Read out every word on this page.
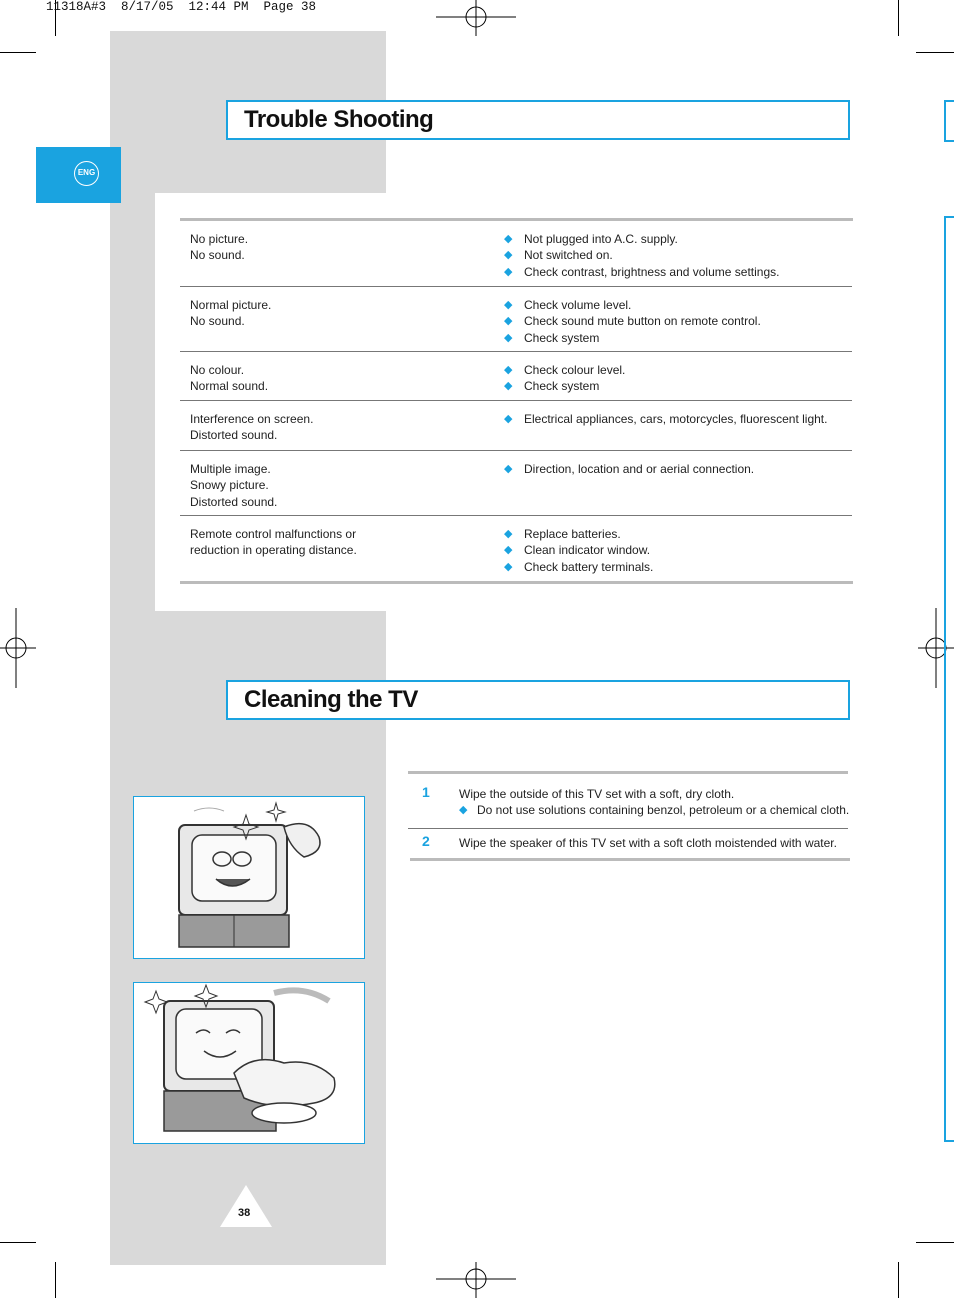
11318A#3  8/17/05  12:44 PM  Page 38
ENG
Trouble Shooting
No picture.
No sound.
◆ Not plugged into A.C. supply.
◆ Not switched on.
◆ Check contrast, brightness and volume settings.
Normal picture.
No sound.
◆ Check volume level.
◆ Check sound mute button on remote control.
◆ Check system
No colour.
Normal sound.
◆ Check colour level.
◆ Check system
Interference on screen.
Distorted sound.
◆ Electrical appliances, cars, motorcycles, fluorescent light.
Multiple image.
Snowy picture.
Distorted sound.
◆ Direction, location and or aerial connection.
Remote control malfunctions or
reduction in operating distance.
◆ Replace batteries.
◆ Clean indicator window.
◆ Check battery terminals.
Cleaning the TV
1 Wipe the outside of this TV set with a soft, dry cloth.
◆ Do not use solutions containing benzol, petroleum or a chemical cloth.
2 Wipe the speaker of this TV set with a soft cloth moistended with water.
38
